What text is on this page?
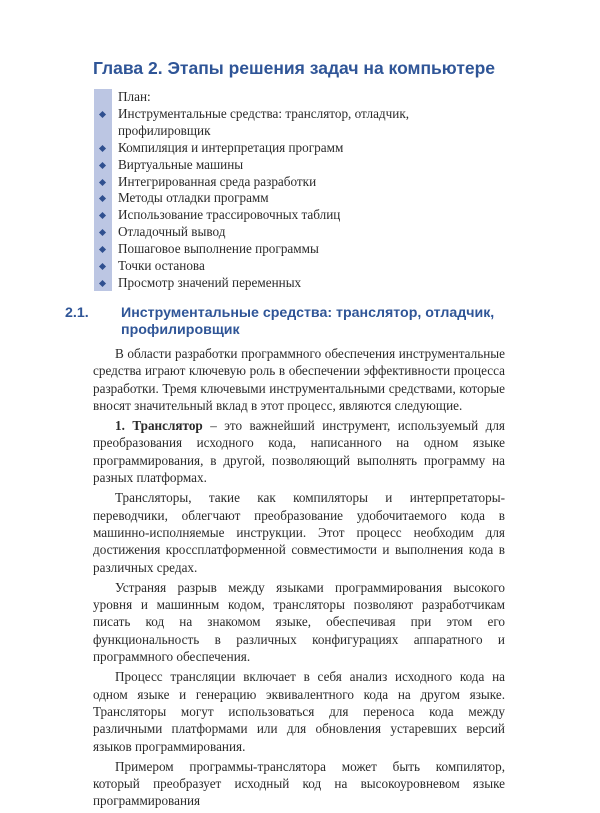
Глава 2. Этапы решения задач на компьютере
План:
Инструментальные средства: транслятор, отладчик, профилировщик
Компиляция и интерпретация программ
Виртуальные машины
Интегрированная среда разработки
Методы отладки программ
Использование трассировочных таблиц
Отладочный вывод
Пошаговое выполнение программы
Точки останова
Просмотр значений переменных
2.1. Инструментальные средства: транслятор, отладчик, профилировщик

В области разработки программного обеспечения инструментальные средства играют ключевую роль в обеспечении эффективности процесса разработки. Тремя ключевыми инструментальными средствами, которые вносят значительный вклад в этот процесс, являются следующие.

1. Транслятор – это важнейший инструмент, используемый для преобразования исходного кода, написанного на одном языке программирования, в другой, позволяющий выполнять программу на разных платформах.

Трансляторы, такие как компиляторы и интерпретаторы-переводчики, облегчают преобразование удобочитаемого кода в машинно-исполняемые инструкции. Этот процесс необходим для достижения кроссплатформенной совместимости и выполнения кода в различных средах.

Устраняя разрыв между языками программирования высокого уровня и машинным кодом, трансляторы позволяют разработчикам писать код на знакомом языке, обеспечивая при этом его функциональность в различных конфигурациях аппаратного и программного обеспечения.

Процесс трансляции включает в себя анализ исходного кода на одном языке и генерацию эквивалентного кода на другом языке. Трансляторы могут использоваться для переноса кода между различными платформами или для обновления устаревших версий языков программирования.

Примером программы-транслятора может быть компилятор, который преобразует исходный код на высокоуровневом языке программирования
